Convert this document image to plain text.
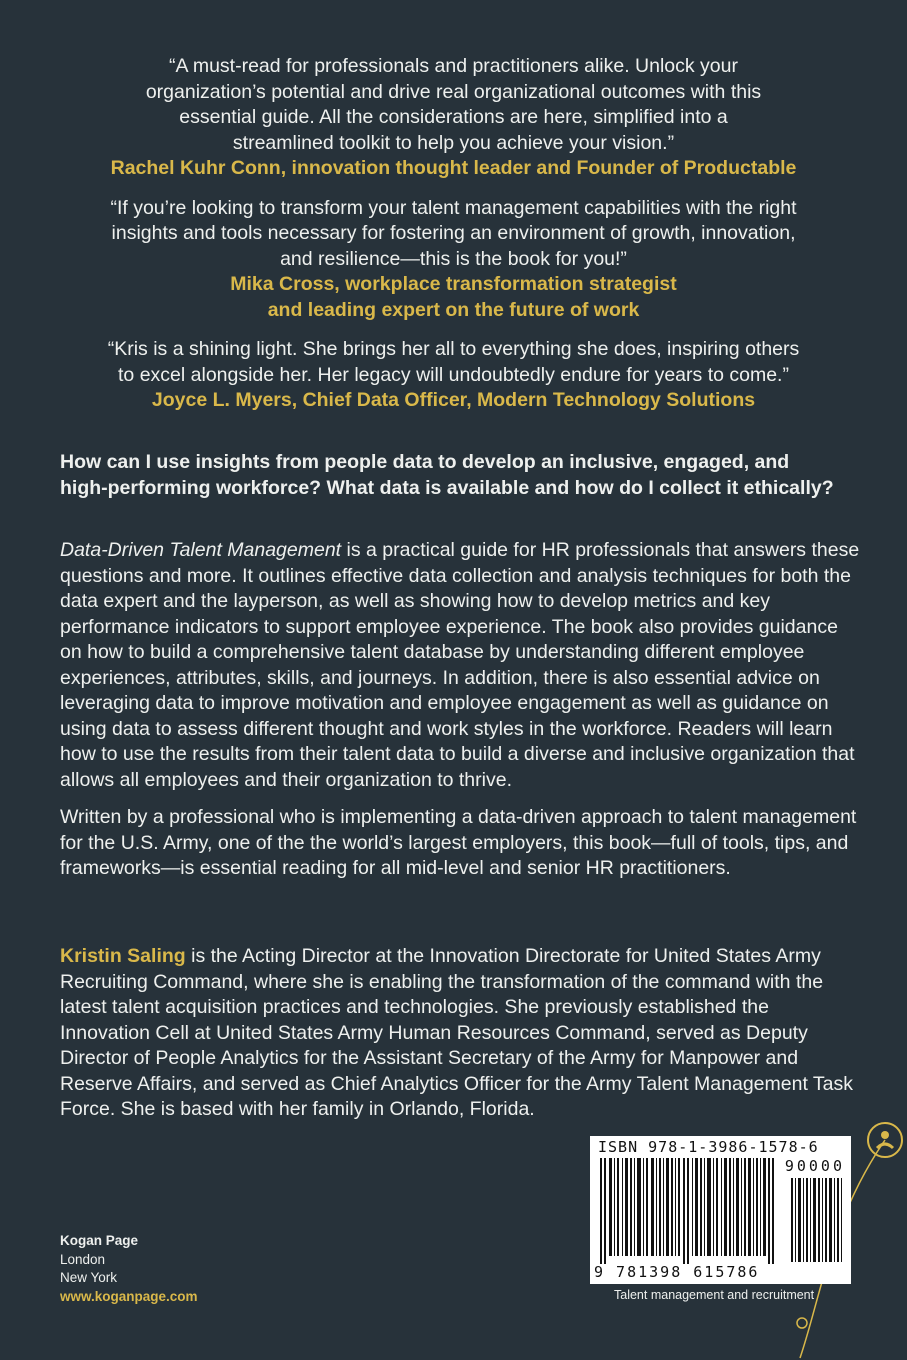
“A must-read for professionals and practitioners alike. Unlock your
organization’s potential and drive real organizational outcomes with this
essential guide. All the considerations are here, simplified into a
streamlined toolkit to help you achieve your vision.”

Rachel Kuhr Conn, innovation thought leader and Founder of Productable

“If you’re looking to transform your talent management capabilities with the right
insights and tools necessary for fostering an environment of growth, innovation,
and resilience—this is the book for you!”

Mika Cross, workplace transformation strategist
and leading expert on the future of work

“Kris is a shining light. She brings her all to everything she does, inspiring others
to excel alongside her. Her legacy will undoubtedly endure for years to come.”

Joyce L. Myers, Chief Data Officer, Modern Technology Solutions

How can I use insights from people data to develop an inclusive, engaged, and high-performing workforce? What data is available and how do I collect it ethically?

Data-Driven Talent Management is a practical guide for HR professionals that answers these questions and more. It outlines effective data collection and analysis techniques for both the data expert and the layperson, as well as showing how to develop metrics and key performance indicators to support employee experience. The book also provides guidance on how to build a comprehensive talent database by understanding different employee experiences, attributes, skills, and journeys. In addition, there is also essential advice on leveraging data to improve motivation and employee engagement as well as guidance on using data to assess different thought and work styles in the workforce. Readers will learn how to use the results from their talent data to build a diverse and inclusive organization that allows all employees and their organization to thrive.

Written by a professional who is implementing a data-driven approach to talent management for the U.S. Army, one of the the world’s largest employers, this book—full of tools, tips, and frameworks—is essential reading for all mid-level and senior HR practitioners.

Kristin Saling is the Acting Director at the Innovation Directorate for United States Army Recruiting Command, where she is enabling the transformation of the command with the latest talent acquisition practices and technologies. She previously established the Innovation Cell at United States Army Human Resources Command, served as Deputy Director of People Analytics for the Assistant Secretary of the Army for Manpower and Reserve Affairs, and served as Chief Analytics Officer for the Army Talent Management Task Force. She is based with her family in Orlando, Florida.

Kogan Page
London
New York
www.koganpage.com
ISBN 978-1-3986-1578-6
90000
9 781398 615786
Talent management and recruitment
